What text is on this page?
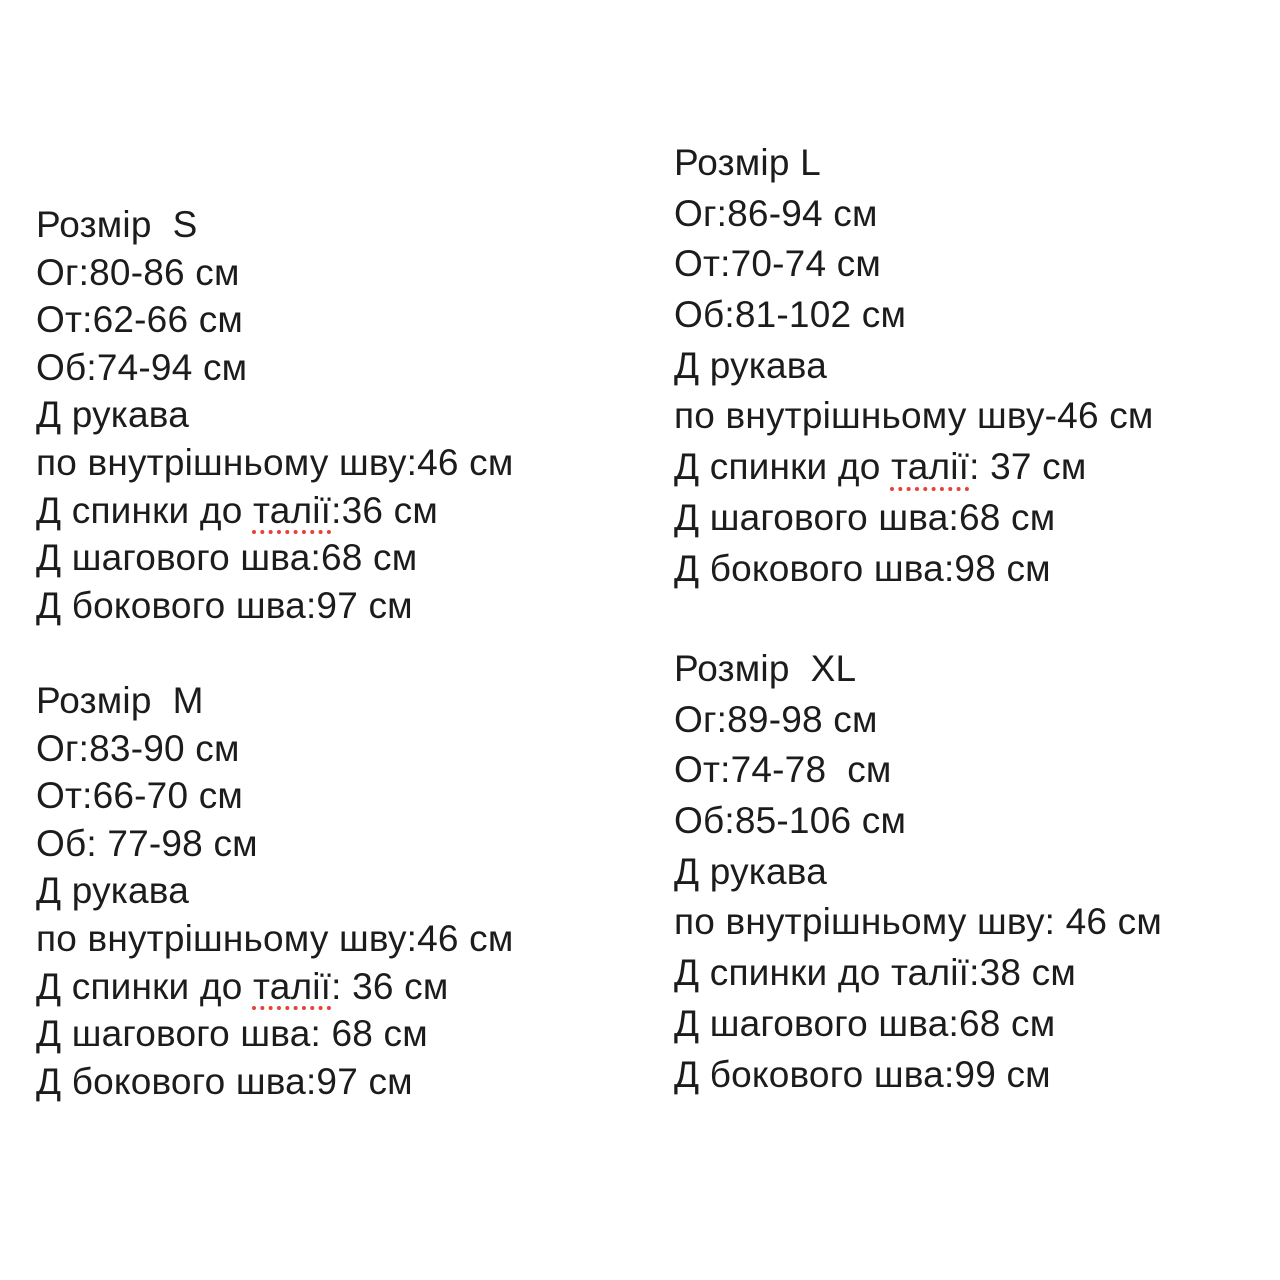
Розмір  S
Ог:80-86 см
От:62-66 см
Об:74-94 см
Д рукава
по внутрішньому шву:46 см
Д спинки до талії:36 см
Д шагового шва:68 см
Д бокового шва:97 см
Розмір  M
Ог:83-90 см
От:66-70 см
Об: 77-98 см
Д рукава
по внутрішньому шву:46 см
Д спинки до талії: 36 см
Д шагового шва: 68 см
Д бокового шва:97 см
Розмір L
Ог:86-94 см
От:70-74 см
Об:81-102 см
Д рукава
по внутрішньому шву-46 см
Д спинки до талії: 37 см
Д шагового шва:68 см
Д бокового шва:98 см
Розмір  XL
Ог:89-98 см
От:74-78  см
Об:85-106 см
Д рукава
по внутрішньому шву: 46 см
Д спинки до талії:38 см
Д шагового шва:68 см
Д бокового шва:99 см
